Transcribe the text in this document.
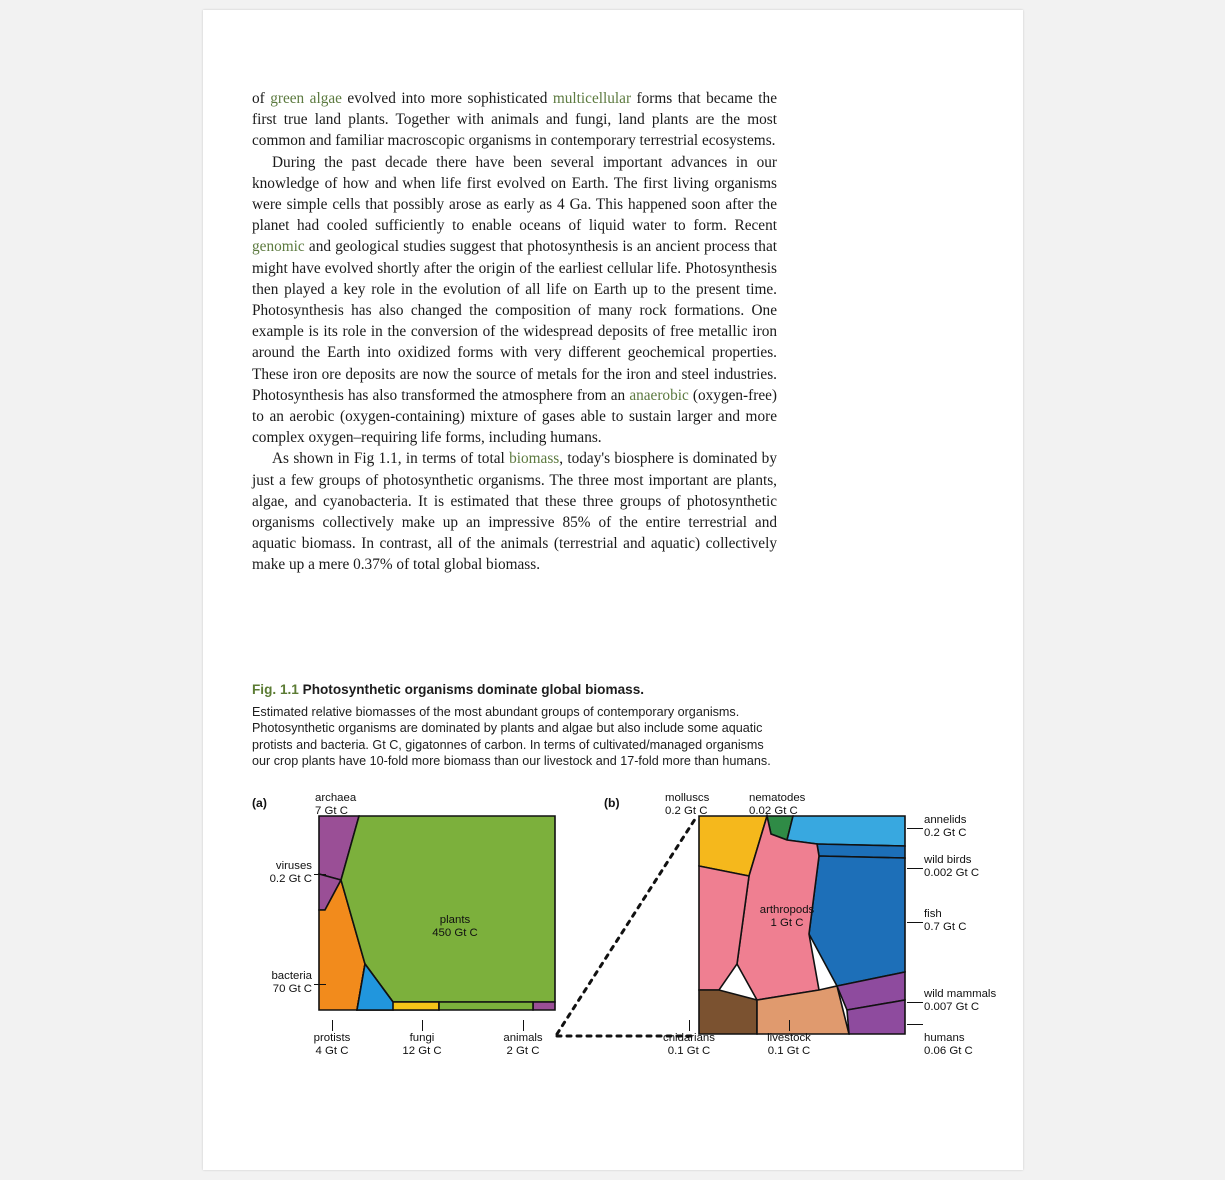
of green algae evolved into more sophisticated multicellular forms that became the first true land plants. Together with animals and fungi, land plants are the most common and familiar macroscopic organisms in contemporary terrestrial ecosystems.

During the past decade there have been several important advances in our knowledge of how and when life first evolved on Earth. The first living organisms were simple cells that possibly arose as early as 4 Ga. This happened soon after the planet had cooled sufficiently to enable oceans of liquid water to form. Recent genomic and geological studies suggest that photosynthesis is an ancient process that might have evolved shortly after the origin of the earliest cellular life. Photosynthesis then played a key role in the evolution of all life on Earth up to the present time. Photosynthesis has also changed the composition of many rock formations. One example is its role in the conversion of the widespread deposits of free metallic iron around the Earth into oxidized forms with very different geochemical properties. These iron ore deposits are now the source of metals for the iron and steel industries. Photosynthesis has also transformed the atmosphere from an anaerobic (oxygen-free) to an aerobic (oxygen-containing) mixture of gases able to sustain larger and more complex oxygen–requiring life forms, including humans.

As shown in Fig 1.1, in terms of total biomass, today's biosphere is dominated by just a few groups of photosynthetic organisms. The three most important are plants, algae, and cyanobacteria. It is estimated that these three groups of photosynthetic organisms collectively make up an impressive 85% of the entire terrestrial and aquatic biomass. In contrast, all of the animals (terrestrial and aquatic) collectively make up a mere 0.37% of total global biomass.

Fig. 1.1 Photosynthetic organisms dominate global biomass.

Estimated relative biomasses of the most abundant groups of contemporary organisms. Photosynthetic organisms are dominated by plants and algae but also include some aquatic protists and bacteria. Gt C, gigatonnes of carbon. In terms of cultivated/managed organisms our crop plants have 10-fold more biomass than our livestock and 17-fold more than humans.

(a)	(b)
plants
450 Gt C
archaea
7 Gt C
viruses
0.2 Gt C
bacteria
70 Gt C
protists
4 Gt C
fungi
12 Gt C
animals
2 Gt C
arthropods
1 Gt C
molluscs
0.2 Gt C
nematodes
0.02 Gt C
annelids
0.2 Gt C
wild birds
0.002 Gt C
fish
0.7 Gt C
wild mammals
0.007 Gt C
cnidarians
0.1 Gt C
livestock
0.1 Gt C
humans
0.06 Gt C
